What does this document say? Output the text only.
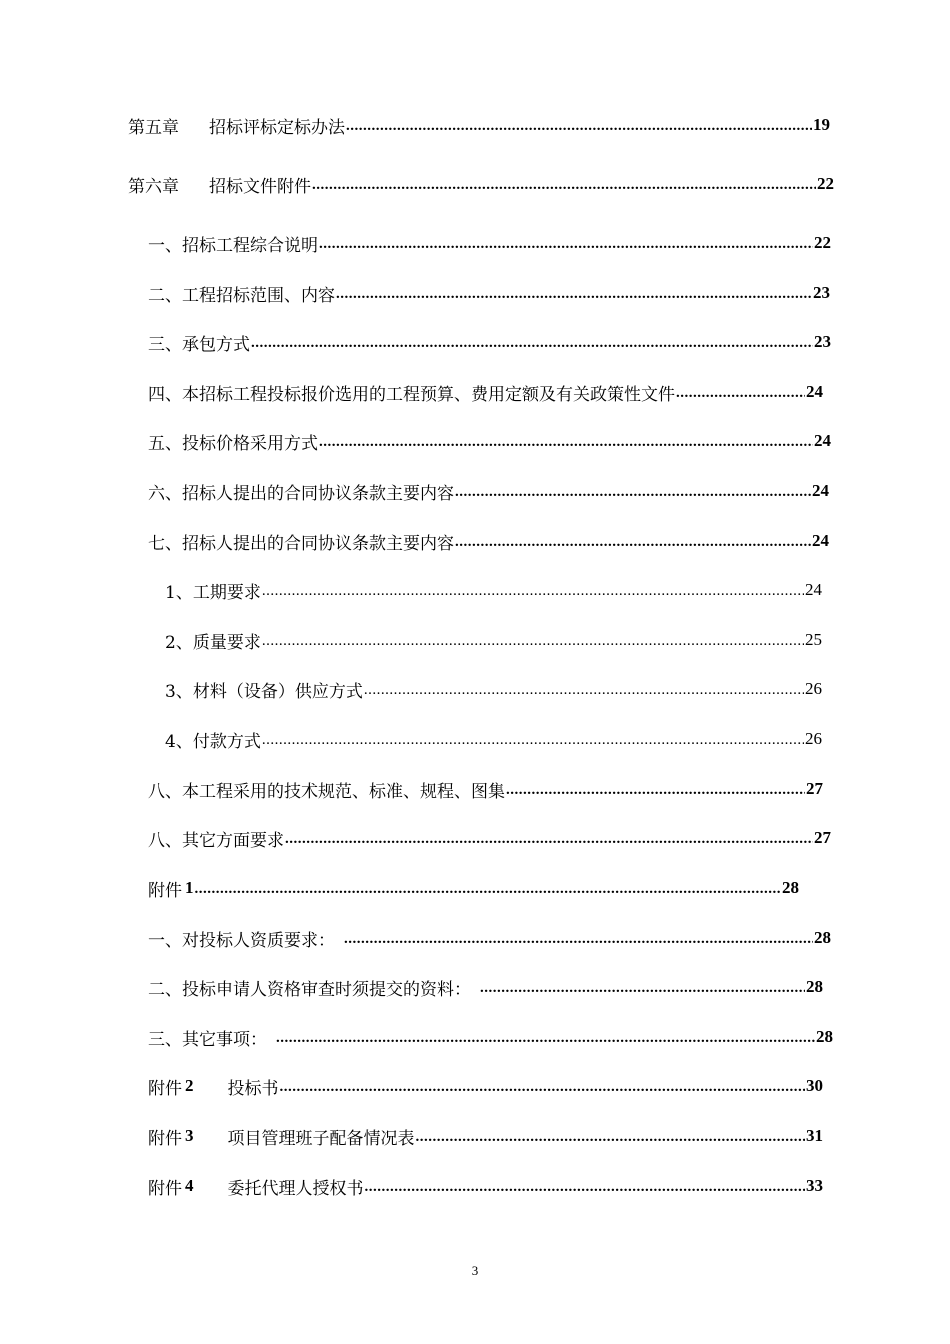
第五章 招标评标定标办法 .....	19
第六章 招标文件附件 .....	22
一、招标工程综合说明 .....	22
二、工程招标范围、内容 .....	23
三、承包方式 .....	23
四、本招标工程投标报价选用的工程预算、费用定额及有关政策性文件 .....	24
五、投标价格采用方式 .....	24
六、招标人提出的合同协议条款主要内容 .....	24
七、招标人提出的合同协议条款主要内容 .....	24
1、工期要求 .....	24
2、质量要求 .....	25
3、材料（设备）供应方式 .....	26
4、付款方式 .....	26
八、本工程采用的技术规范、标准、规程、图集 .....	27
八、其它方面要求 .....	27
附件 1 .....	28
一、对投标人资质要求： .....	28
二、投标申请人资格审查时须提交的资料： .....	28
三、其它事项： .....	28
附件 2 投标书 .....	30
附件 3 项目管理班子配备情况表 .....	31
附件 4 委托代理人授权书 .....	33
3
